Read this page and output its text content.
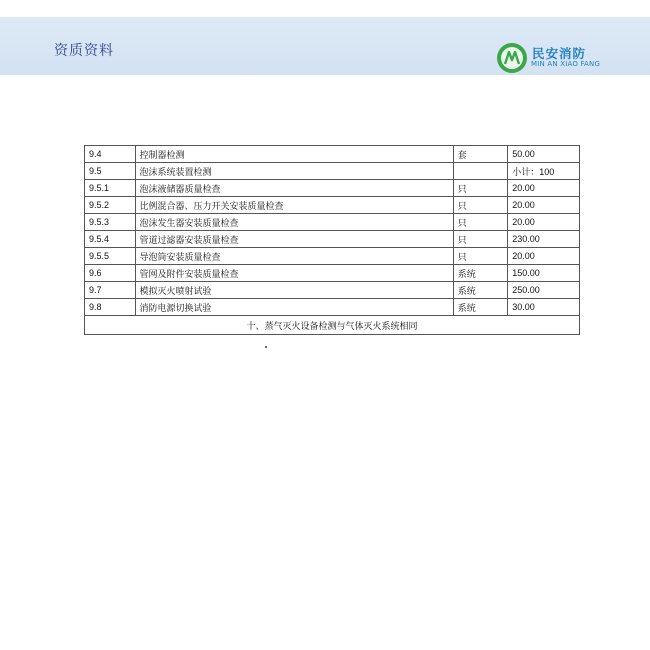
资质资料	民安消防
MIN AN XIAO FANG
9.4	控制器检测	套	50.00
9.5	泡沫系统装置检测		小计：100
9.5.1	泡沫液储器质量检查	只	20.00
9.5.2	比例混合器、压力开关安装质量检查	只	20.00
9.5.3	泡沫发生器安装质量检查	只	20.00
9.5.4	管道过滤器安装质量检查	只	230.00
9.5.5	导泡筒安装质量检查	只	20.00
9.6	管网及附件安装质量检查	系统	150.00
9.7	模拟灭火喷射试验	系统	250.00
9.8	消防电源切换试验	系统	30.00
十、蒸气灭火设备检测与气体灭火系统相同			
